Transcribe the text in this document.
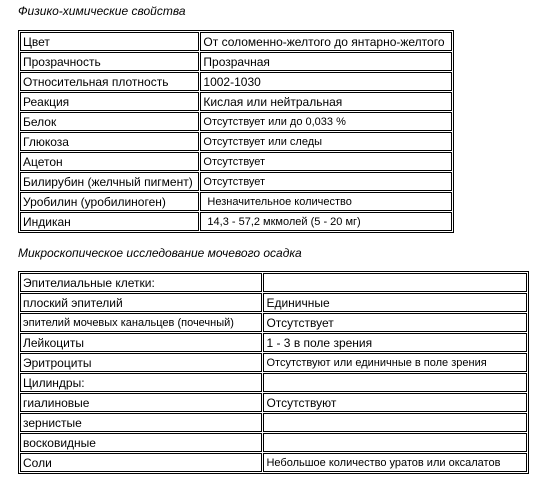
Физико-химические свойства
Цвет	От соломенно-желтого до янтарно-желтого
Прозрачность	Прозрачная
Относительная плотность	1002-1030
Реакция	Кислая или нейтральная
Белок	Отсутствует или до 0,033 %
Глюкоза	Отсутствует или следы
Ацетон	Отсутствует
Билирубин (желчный пигмент)	Отсутствует
Уробилин (уробилиноген)	Незначительное количество
Индикан	14,3 - 57,2 мкмолей (5 - 20 мг)
Микроскопическое исследование мочевого осадка
Эпителиальные клетки:	
плоский эпителий	Единичные
эпителий мочевых канальцев (почечный)	Отсутствует
Лейкоциты	1 - 3 в поле зрения
Эритроциты	Отсутствуют или единичные в поле зрения
Цилиндры:	
гиалиновые	Отсутствуют
зернистые	
восковидные	
Соли	Небольшое количество уратов или оксалатов
